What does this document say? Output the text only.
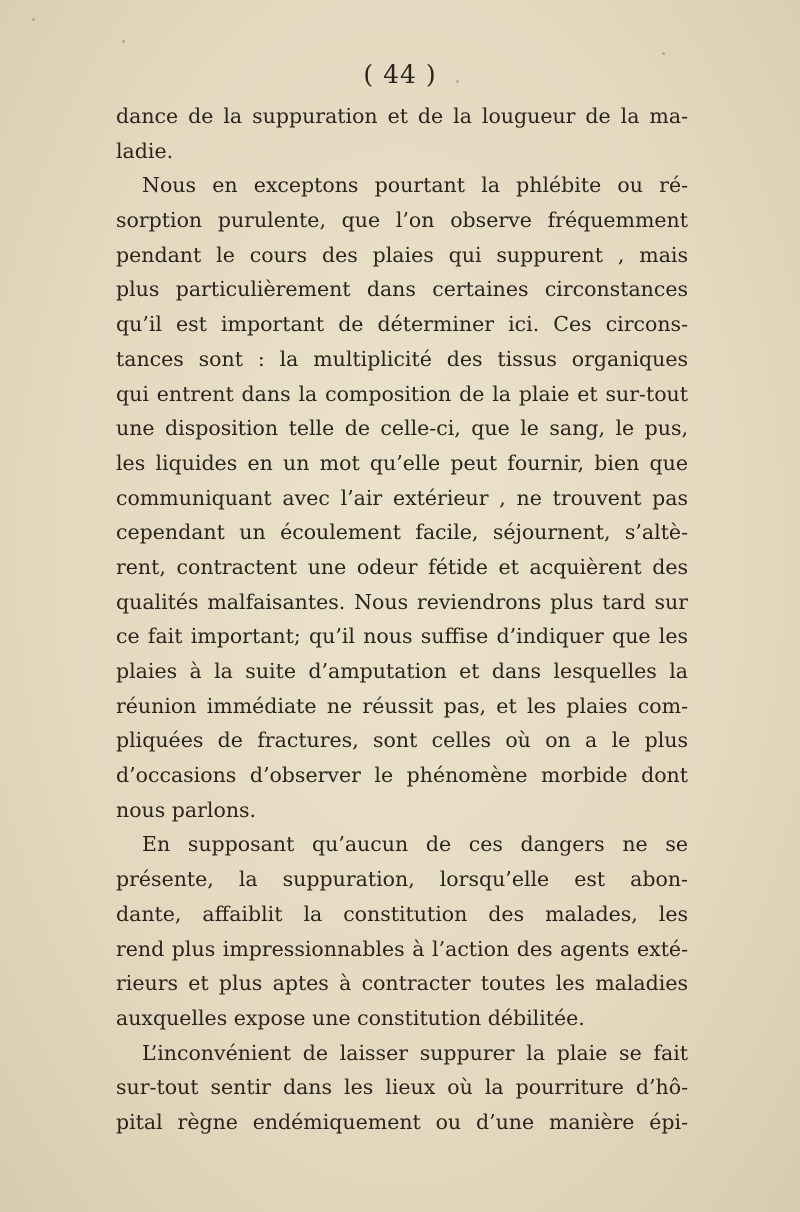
( 44 )
dance de la suppuration et de la lougueur de la ma-
ladie.
Nous en exceptons pourtant la phlébite ou ré-
sorption purulente, que l’on observe fréquemment
pendant le cours des plaies qui suppurent , mais
plus particulièrement dans certaines circonstances
qu’il est important de déterminer ici. Ces circons-
tances sont : la multiplicité des tissus organiques
qui entrent dans la composition de la plaie et sur-tout
une disposition telle de celle-ci, que le sang, le pus,
les liquides en un mot qu’elle peut fournir, bien que
communiquant avec l’air extérieur , ne trouvent pas
cependant un écoulement facile, séjournent, s’altè-
rent, contractent une odeur fétide et acquièrent des
qualités malfaisantes. Nous reviendrons plus tard sur
ce fait important; qu’il nous suffise d’indiquer que les
plaies à la suite d’amputation et dans lesquelles la
réunion immédiate ne réussit pas, et les plaies com-
pliquées de fractures, sont celles où on a le plus
d’occasions d’observer le phénomène morbide dont
nous parlons.
En supposant qu’aucun de ces dangers ne se
présente, la suppuration, lorsqu’elle est abon-
dante, affaiblit la constitution des malades, les
rend plus impressionnables à l’action des agents exté-
rieurs et plus aptes à contracter toutes les maladies
auxquelles expose une constitution débilitée.
L’inconvénient de laisser suppurer la plaie se fait
sur-tout sentir dans les lieux où la pourriture d’hô-
pital règne endémiquement ou d’une manière épi-
